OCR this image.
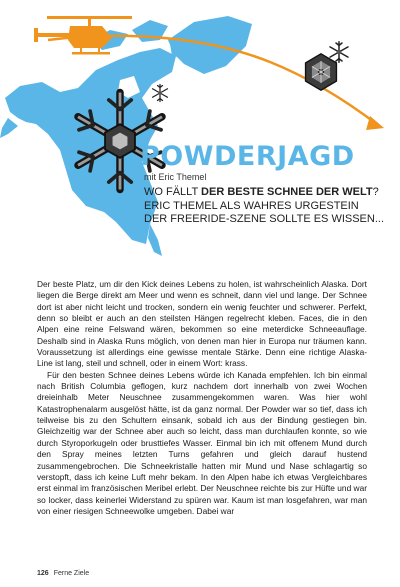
POWDERJAGD
mit Eric Themel

WO FÄLLT DER BESTE SCHNEE DER WELT? ERIC THEMEL ALS WAHRES URGESTEIN DER FREERIDE-SZENE SOLLTE ES WISSEN...

Der beste Platz, um dir den Kick deines Lebens zu holen, ist wahrscheinlich Alaska. Dort liegen die Berge direkt am Meer und wenn es schneit, dann viel und lange. Der Schnee dort ist aber nicht leicht und trocken, sondern ein wenig feuchter und schwerer. Perfekt, denn so bleibt er auch an den steilsten Hängen regelrecht kleben. Faces, die in den Alpen eine reine Felswand wären, bekommen so eine meterdicke Schneeauflage. Deshalb sind in Alaska Runs möglich, von denen man hier in Europa nur träumen kann. Voraussetzung ist allerdings eine gewisse mentale Stärke. Denn eine richtige Alaska-Line ist lang, steil und schnell, oder in einem Wort: krass.

Für den besten Schnee deines Lebens würde ich Kanada empfehlen. Ich bin einmal nach British Columbia geflogen, kurz nachdem dort innerhalb von zwei Wochen dreieinhalb Meter Neuschnee zusammengekommen waren. Was hier wohl Katastrophenalarm ausgelöst hätte, ist da ganz normal. Der Powder war so tief, dass ich teilweise bis zu den Schultern einsank, sobald ich aus der Bindung gestiegen bin. Gleichzeitig war der Schnee aber auch so leicht, dass man durchlaufen konnte, so wie durch Styroporkugeln oder brusttiefes Wasser. Einmal bin ich mit offenem Mund durch den Spray meines letzten Turns gefahren und gleich darauf hustend zusammengebrochen. Die Schneekristalle hatten mir Mund und Nase schlagartig so verstopft, dass ich keine Luft mehr bekam. In den Alpen habe ich etwas Vergleichbares erst einmal im französischen Meribel erlebt. Der Neuschnee reichte bis zur Hüfte und war so locker, dass keinerlei Widerstand zu spüren war. Kaum ist man losgefahren, war man von einer riesigen Schneewolke umgeben. Dabei war

126 Ferne Ziele
